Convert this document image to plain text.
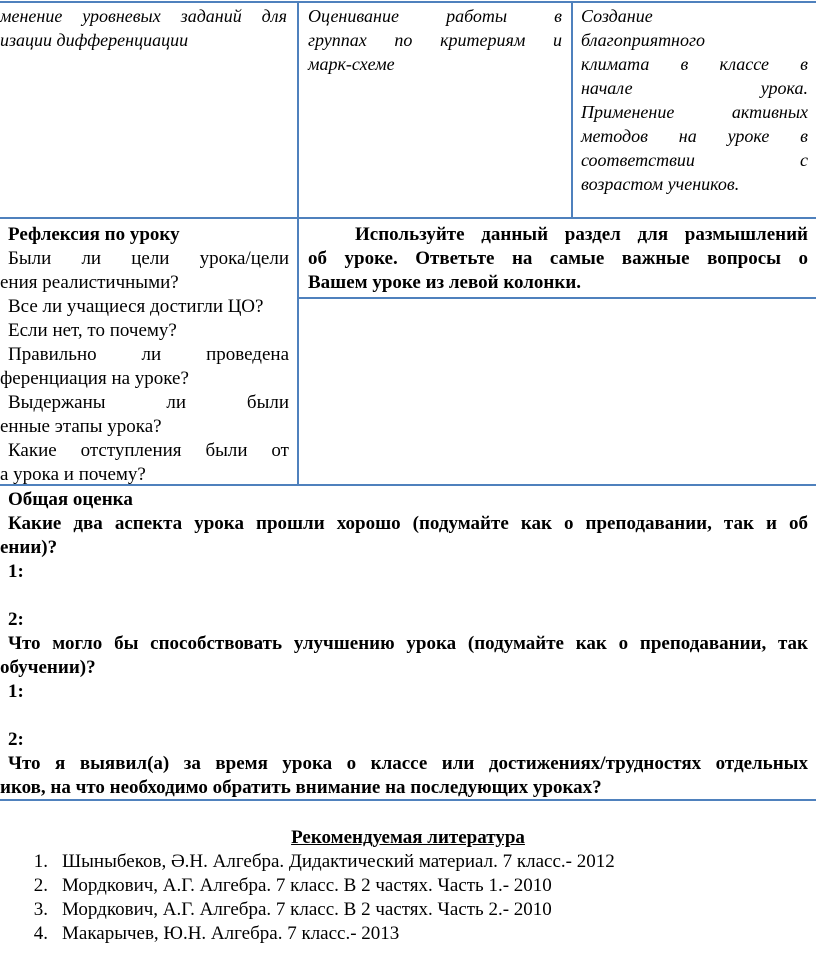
менение уровневых заданий для
изации дифференциации
Оценивание работы в
группах по критериям и
марк-схеме
Создание
благоприятного
климата в классе в
начале урока.
Применение активных
методов на уроке в
соответствии с
возрастом учеников.
Рефлексия по уроку
Были ли цели урока/цели
ения реалистичными?
Все ли учащиеся достигли ЦО?
Если нет, то почему?
Правильно ли проведена
ференциация на уроке?
Выдержаны ли были
енные этапы урока?
Какие отступления были от
а урока и почему?
Используйте данный раздел для размышлений
об уроке. Ответьте на самые важные вопросы о
Вашем уроке из левой колонки.
Общая оценка
Какие два аспекта урока прошли хорошо (подумайте как о преподавании, так и об
ении)?
1:
2:
Что могло бы способствовать улучшению урока (подумайте как о преподавании, так
обучении)?
1:
2:
Что я выявил(а) за время урока о классе или достижениях/трудностях отдельных
иков, на что необходимо обратить внимание на последующих уроках?
Рекомендуемая литература
1. Шыныбеков, Ә.Н. Алгебра. Дидактический материал. 7 класс.- 2012
2. Мордкович, А.Г. Алгебра. 7 класс. В 2 частях. Часть 1.- 2010
3. Мордкович, А.Г. Алгебра. 7 класс. В 2 частях. Часть 2.- 2010
4. Макарычев, Ю.Н. Алгебра. 7 класс.- 2013
